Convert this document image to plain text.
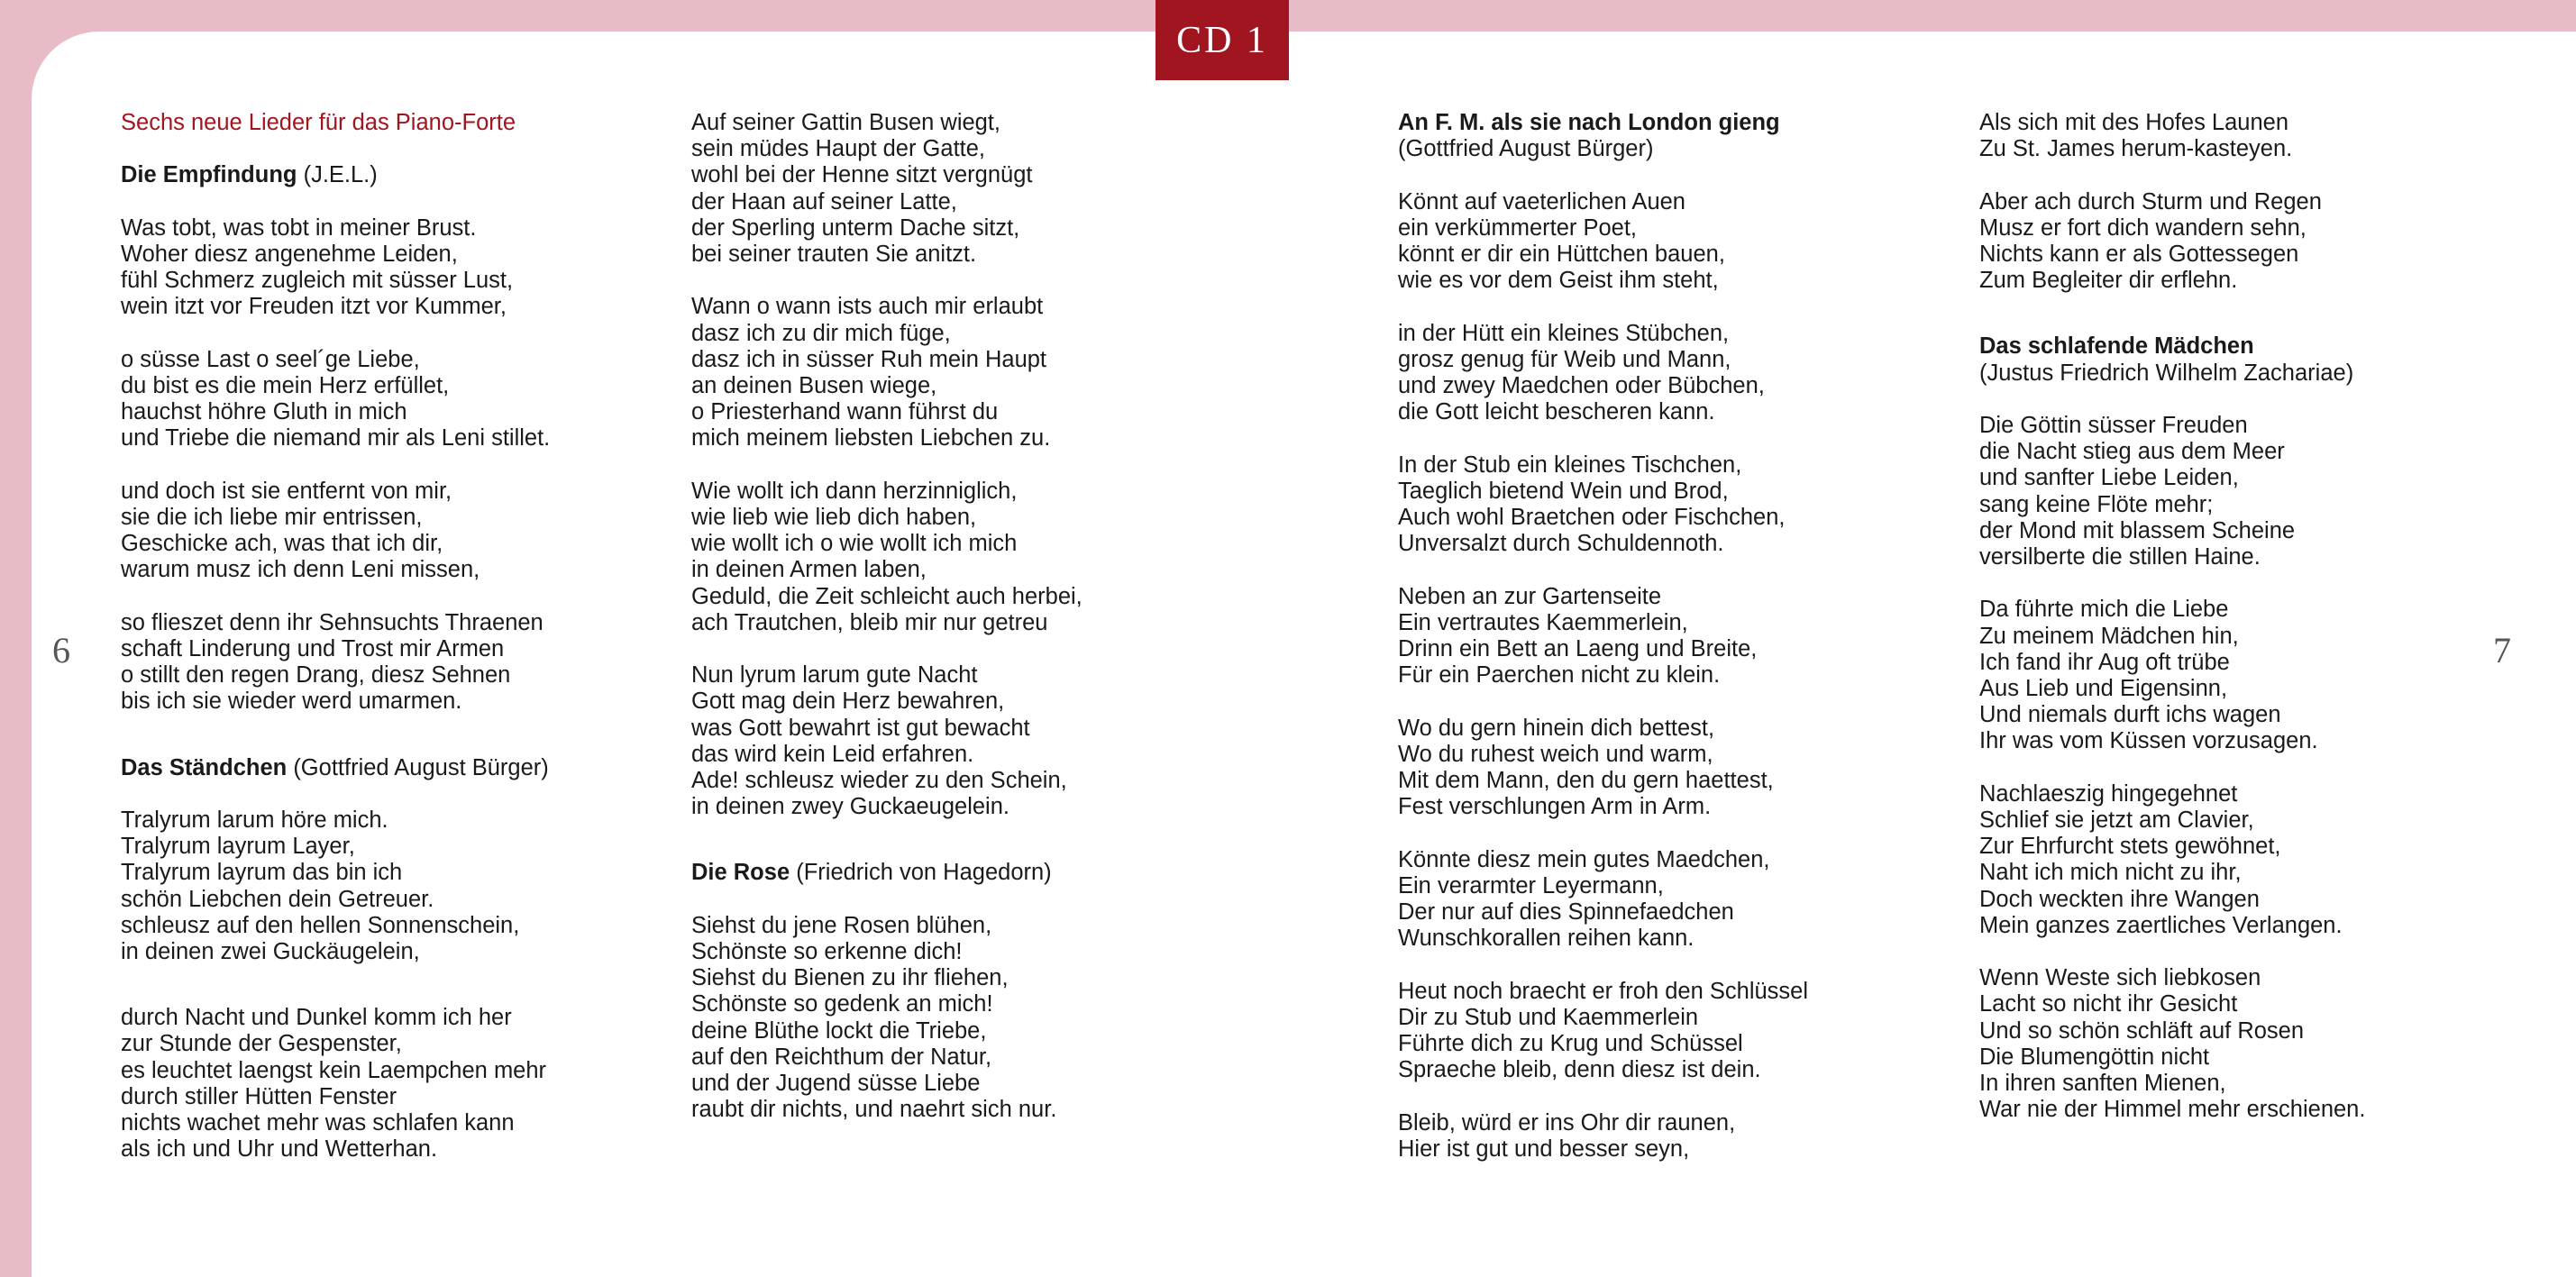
CD 1
6	7
Sechs neue Lieder für das Piano-Forte
Die Empfindung (J.E.L.)
Was tobt, was tobt in meiner Brust.
Woher diesz angenehme Leiden,
fühl Schmerz zugleich mit süsser Lust,
wein itzt vor Freuden itzt vor Kummer,
o süsse Last o seel´ge Liebe,
du bist es die mein Herz erfüllet,
hauchst höhre Gluth in mich
und Triebe die niemand mir als Leni stillet.
und doch ist sie entfernt von mir,
sie die ich liebe mir entrissen,
Geschicke ach, was that ich dir,
warum musz ich denn Leni missen,
so flieszet denn ihr Sehnsuchts Thraenen
schaft Linderung und Trost mir Armen
o stillt den regen Drang, diesz Sehnen
bis ich sie wieder werd umarmen.
Das Ständchen (Gottfried August Bürger)
Tralyrum larum höre mich.
Tralyrum layrum Layer,
Tralyrum layrum das bin ich
schön Liebchen dein Getreuer.
schleusz auf den hellen Sonnenschein,
in deinen zwei Guckäugelein,
durch Nacht und Dunkel komm ich her
zur Stunde der Gespenster,
es leuchtet laengst kein Laempchen mehr
durch stiller Hütten Fenster
nichts wachet mehr was schlafen kann
als ich und Uhr und Wetterhan.
Auf seiner Gattin Busen wiegt,
sein müdes Haupt der Gatte,
wohl bei der Henne sitzt vergnügt
der Haan auf seiner Latte,
der Sperling unterm Dache sitzt,
bei seiner trauten Sie anitzt.
Wann o wann ists auch mir erlaubt
dasz ich zu dir mich füge,
dasz ich in süsser Ruh mein Haupt
an deinen Busen wiege,
o Priesterhand wann führst du
mich meinem liebsten Liebchen zu.
Wie wollt ich dann herzinniglich,
wie lieb wie lieb dich haben,
wie wollt ich o wie wollt ich mich
in deinen Armen laben,
Geduld, die Zeit schleicht auch herbei,
ach Trautchen, bleib mir nur getreu
Nun lyrum larum gute Nacht
Gott mag dein Herz bewahren,
was Gott bewahrt ist gut bewacht
das wird kein Leid erfahren.
Ade! schleusz wieder zu den Schein,
in deinen zwey Guckaeugelein.
Die Rose (Friedrich von Hagedorn)
Siehst du jene Rosen blühen,
Schönste so erkenne dich!
Siehst du Bienen zu ihr fliehen,
Schönste so gedenk an mich!
deine Blüthe lockt die Triebe,
auf den Reichthum der Natur,
und der Jugend süsse Liebe
raubt dir nichts, und naehrt sich nur.
An F. M. als sie nach London gieng
(Gottfried August Bürger)
Könnt auf vaeterlichen Auen
ein verkümmerter Poet,
könnt er dir ein Hüttchen bauen,
wie es vor dem Geist ihm steht,
in der Hütt ein kleines Stübchen,
grosz genug für Weib und Mann,
und zwey Maedchen oder Bübchen,
die Gott leicht bescheren kann.
In der Stub ein kleines Tischchen,
Taeglich bietend Wein und Brod,
Auch wohl Braetchen oder Fischchen,
Unversalzt durch Schuldennoth.
Neben an zur Gartenseite
Ein vertrautes Kaemmerlein,
Drinn ein Bett an Laeng und Breite,
Für ein Paerchen nicht zu klein.
Wo du gern hinein dich bettest,
Wo du ruhest weich und warm,
Mit dem Mann, den du gern haettest,
Fest verschlungen Arm in Arm.
Könnte diesz mein gutes Maedchen,
Ein verarmter Leyermann,
Der nur auf dies Spinnefaedchen
Wunschkorallen reihen kann.
Heut noch braecht er froh den Schlüssel
Dir zu Stub und Kaemmerlein
Führte dich zu Krug und Schüssel
Spraeche bleib, denn diesz ist dein.
Bleib, würd er ins Ohr dir raunen,
Hier ist gut und besser seyn,
Als sich mit des Hofes Launen
Zu St. James herum-kasteyen.
Aber ach durch Sturm und Regen
Musz er fort dich wandern sehn,
Nichts kann er als Gottessegen
Zum Begleiter dir erflehn.
Das schlafende Mädchen
(Justus Friedrich Wilhelm Zachariae)
Die Göttin süsser Freuden
die Nacht stieg aus dem Meer
und sanfter Liebe Leiden,
sang keine Flöte mehr;
der Mond mit blassem Scheine
versilberte die stillen Haine.
Da führte mich die Liebe
Zu meinem Mädchen hin,
Ich fand ihr Aug oft trübe
Aus Lieb und Eigensinn,
Und niemals durft ichs wagen
Ihr was vom Küssen vorzusagen.
Nachlaeszig hingegehnet
Schlief sie jetzt am Clavier,
Zur Ehrfurcht stets gewöhnet,
Naht ich mich nicht zu ihr,
Doch weckten ihre Wangen
Mein ganzes zaertliches Verlangen.
Wenn Weste sich liebkosen
Lacht so nicht ihr Gesicht
Und so schön schläft auf Rosen
Die Blumengöttin nicht
In ihren sanften Mienen,
War nie der Himmel mehr erschienen.
